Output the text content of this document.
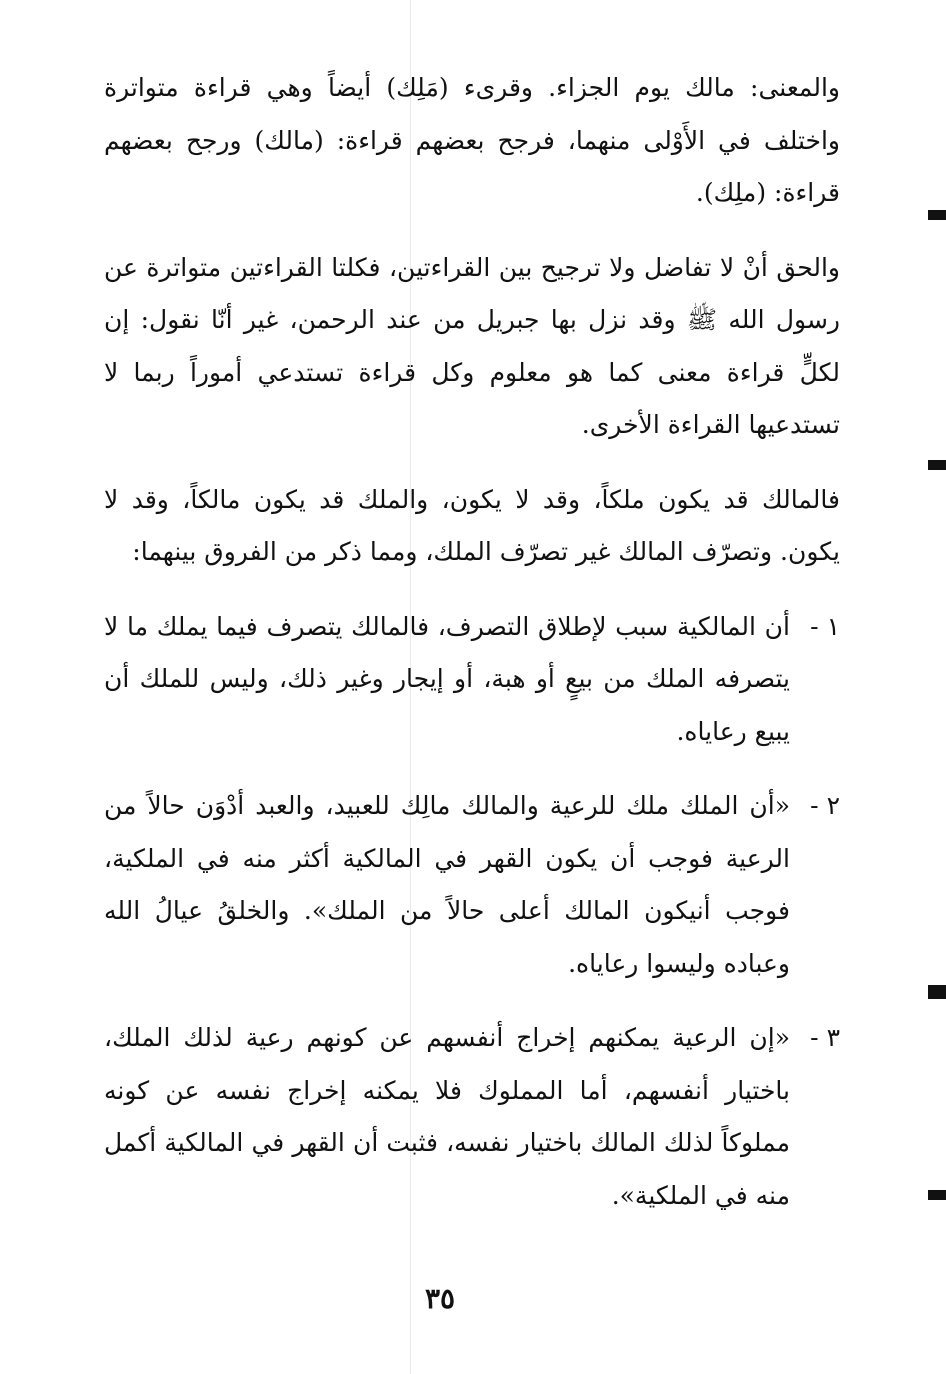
والمعنى: مالك يوم الجزاء. وقرىء (مَلِك) أيضاً وهي قراءة متواترة واختلف في الأَوْلى منهما، فرجح بعضهم قراءة: (مالك) ورجح بعضهم قراءة: (ملِك).

والحق أنْ لا تفاضل ولا ترجيح بين القراءتين، فكلتا القراءتين متواترة عن رسول الله ﷺ وقد نزل بها جبريل من عند الرحمن، غير أنّا نقول: إن لكلٍّ قراءة معنى كما هو معلوم وكل قراءة تستدعي أموراً ربما لا تستدعيها القراءة الأخرى.

فالمالك قد يكون ملكاً، وقد لا يكون، والملك قد يكون مالكاً، وقد لا يكون. وتصرّف المالك غير تصرّف الملك، ومما ذكر من الفروق بينهما:

١ -
أن المالكية سبب لإطلاق التصرف، فالمالك يتصرف فيما يملك ما لا يتصرفه الملك من بيعٍ أو هبة، أو إيجار وغير ذلك، وليس للملك أن يبيع رعاياه.
٢ -
«أن الملك ملك للرعية والمالك مالِك للعبيد، والعبد أدْوَن حالاً من الرعية فوجب أن يكون القهر في المالكية أكثر منه في الملكية، فوجب أنيكون المالك أعلى حالاً من الملك». والخلقُ عيالُ الله وعباده وليسوا رعاياه.
٣ -
«إن الرعية يمكنهم إخراج أنفسهم عن كونهم رعية لذلك الملك، باختيار أنفسهم، أما المملوك فلا يمكنه إخراج نفسه عن كونه مملوكاً لذلك المالك باختيار نفسه، فثبت أن القهر في المالكية أكمل منه في الملكية».
٣٥
